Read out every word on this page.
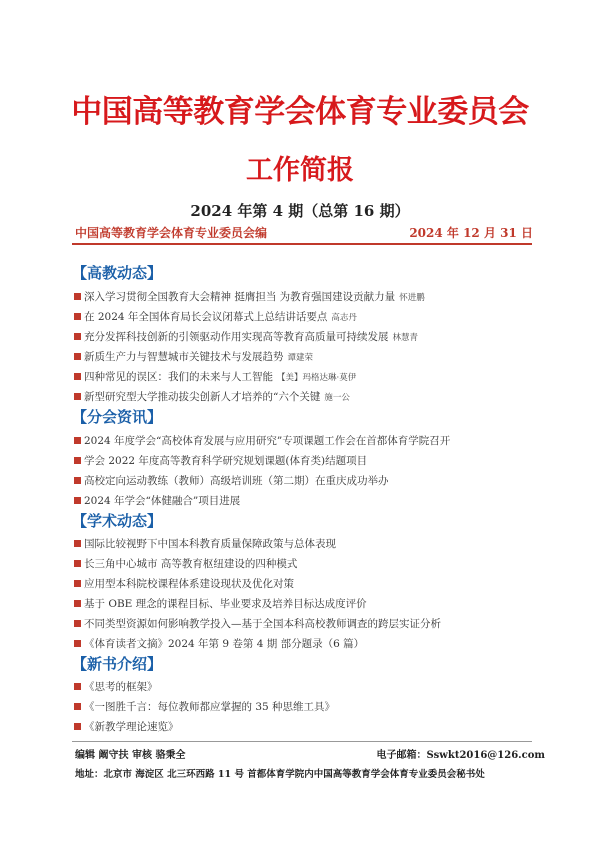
中国高等教育学会体育专业委员会
工作简报
2024 年第 4 期（总第 16 期）
中国高等教育学会体育专业委员会编	2024 年 12 月 31 日
【高教动态】
深入学习贯彻全国教育大会精神 挺膺担当 为教育强国建设贡献力量 怀进鹏
在 2024 年全国体育局长会议闭幕式上总结讲话要点 高志丹
充分发挥科技创新的引领驱动作用实现高等教育高质量可持续发展 林慧青
新质生产力与智慧城市关键技术与发展趋势 谭建荣
四种常见的误区：我们的未来与人工智能 【美】玛格达琳·莫伊
新型研究型大学推动拔尖创新人才培养的“六个关键 施一公
【分会资讯】
2024 年度学会“高校体育发展与应用研究”专项课题工作会在首都体育学院召开
学会 2022 年度高等教育科学研究规划课题(体育类)结题项目
高校定向运动教练（教师）高级培训班（第二期）在重庆成功举办
2024 年学会“体健融合”项目进展
【学术动态】
国际比较视野下中国本科教育质量保障政策与总体表现
长三角中心城市 高等教育枢纽建设的四种模式
应用型本科院校课程体系建设现状及优化对策
基于 OBE 理念的课程目标、毕业要求及培养目标达成度评价
不同类型资源如何影响教学投入—基于全国本科高校教师调查的跨层实证分析
《体育读者文摘》2024 年第 9 卷第 4 期 部分题录（6 篇）
【新书介绍】
《思考的框架》
《一图胜千言：每位教师都应掌握的 35 种思维工具》
《新教学理论速览》
编辑 阚守扶 审核 骆秉全	电子邮箱：Sswkt2016@126.com
地址：北京市 海淀区 北三环西路 11 号 首都体育学院内中国高等教育学会体育专业委员会秘书处
